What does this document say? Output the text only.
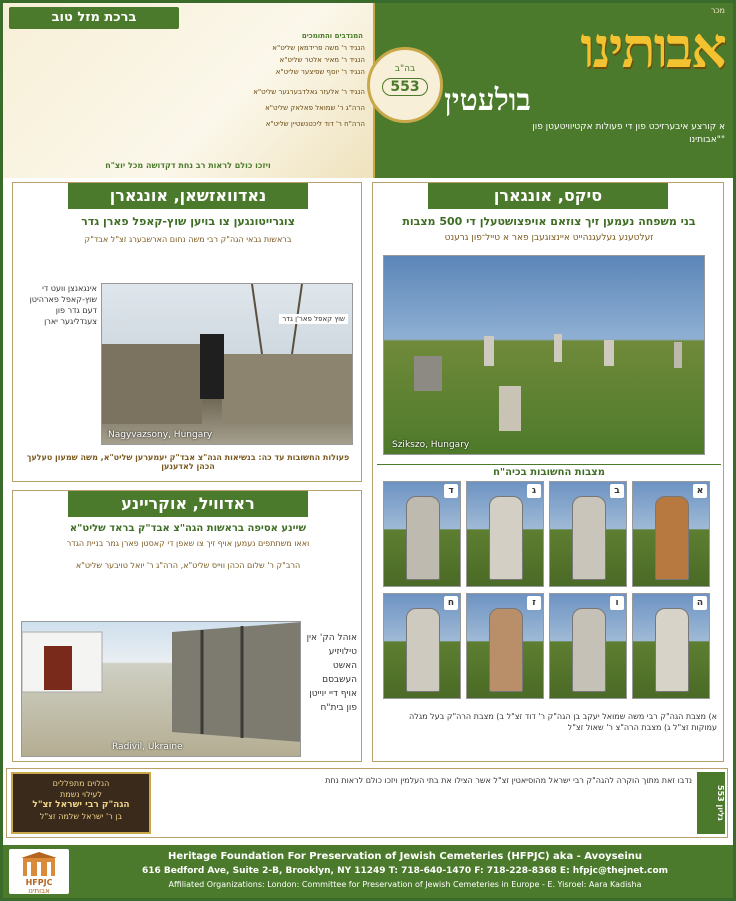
ברכת מזל טוב
המנדבים והתומכים
הנגיד ר' משה פרידמאן שליט"א
הנגיד ר' מאיר אלטר שליט"א
הנגיד ר' יוסף שפיצער שליט"א
הנגיד ר' אלעזר גאלדבערגער שליט"א
הרה"ג ר' שמואל פאלאק שליט"א
הרה"ח ר' דוד ליכטנשטיין שליט"א
ויזכו כולם לראות רב נחת דקדושה מכל יוצ"ח
מכר
אבותינו
בולעטין
א קורצע איבערזיכט פון די פעולות אקטיוויטעטן פון "אבותינו"
בה"ב
553
נאדוואזשאן, אונגארן
צוגרייטונגען צו בויען שוץ-קאפל פארן גדר
בראשות גבאי הגה"ק רבי משה נחום הארשבערג זצ"ל אבד"ק
Nagyvazsony, Hungary
שוץ קאפל פאר'ן גדר
אינגאנצן וועט די שוץ-קאפל פארהיטן דעם גדר פון צענדליגער יארן
פעולות החשובות עד כה: בנשיאות הגה"צ אבד"ק יעמערען שליט"א, משה שמעון טעלעך הכהן לאדענען
סיקס, אונגארן
בני משפחה נעמען זיך צוזאם אויפצושטעלן די 500 מצבות
זעלטענע געלעגנהייט איינצוגעבן פאר א טייל־פון גרענט
Szikszo, Hungary
מצבות החשובות בכיה"ח
א
ב
ג
ד
ה
ו
ז
ח
א) מצבת הגה"ק רבי משה שמואל יעקב בן הגה"ק ר' דוד זצ"ל ב) מצבת הרה"ק בעל מגלה עמוקות זצ"ל ג) מצבת הרה"צ ר' שאול זצ"ל
ראדוויל, אוקריינע
שיינע אסיפה בראשות הגה"צ אבד"ק בראד שליט"א
ואאו משתתפים נעמען אויף זיך צו שאפן די קאסטן פארן גמר בניית הגדר
הרב"ק ר' שלום הכהן ווייס שליט"א, הרה"ג ר' יואל טויבער שליט"א
Radivil, Ukraine
אוהל הק' אין טילויזיע האשט העשבסם אויף דיי יוייטן פון בית"ח
הנלוים מתפללים
לעילוי נשמת
הגה"ק רבי ישראל זצ"ל
בן ר' ישראל שלמה זצ"ל
נדבו זאת מתוך הוקרה להגה"ק רבי ישראל מהוסיאטין זצ"ל אשר הצילו את בתי העלמין ויזכו כולם לראות נחת
גליון 553
HFPJC
אבותינו
Heritage Foundation For Preservation of Jewish Cemeteries (HFPJC) aka - Avoyseinu
616 Bedford Ave, Suite 2-B, Brooklyn, NY 11249 T: 718-640-1470 F: 718-228-8368 E: hfpjc@thejnet.com
Affiliated Organizations: London: Committee for Preservation of Jewish Cemeteries in Europe - E. Yisroel: Aara Kadisha
